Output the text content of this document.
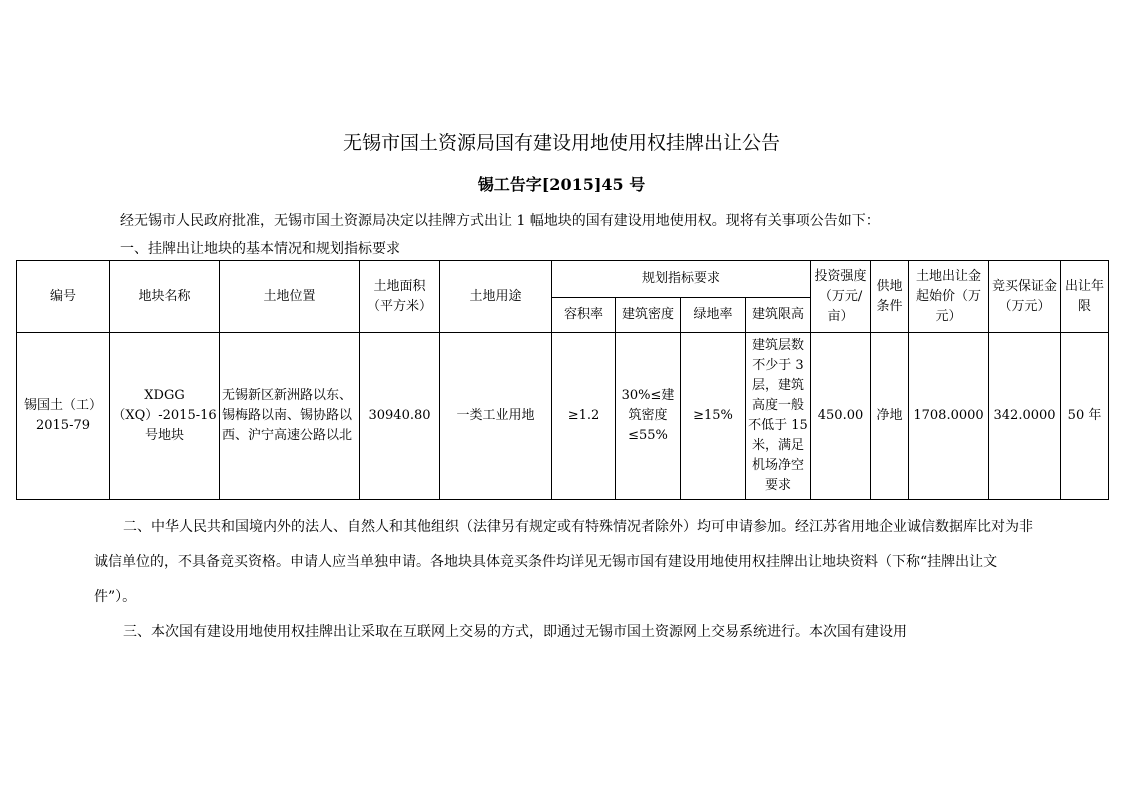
无锡市国土资源局国有建设用地使用权挂牌出让公告
锡工告字[2015]45 号
经无锡市人民政府批准，无锡市国土资源局决定以挂牌方式出让 1 幅地块的国有建设用地使用权。现将有关事项公告如下：
一、挂牌出让地块的基本情况和规划指标要求
编号	地块名称	土地位置	土地面积（平方米）	土地用途	规划指标要求				投资强度（万元/亩）	供地条件	土地出让金起始价（万元）	竞买保证金（万元）	出让年限
					容积率	建筑密度	绿地率	建筑限高					
锡国土（工）2015-79	XDGG（XQ）-2015-16 号地块	无锡新区新洲路以东、锡梅路以南、锡协路以西、沪宁高速公路以北	30940.80	一类工业用地	≥1.2	30%≤建筑密度≤55%	≥15%	建筑层数不少于 3 层，建筑高度一般不低于 15 米，满足机场净空要求	450.00	净地	1708.0000	342.0000	50 年
二、中华人民共和国境内外的法人、自然人和其他组织（法律另有规定或有特殊情况者除外）均可申请参加。经江苏省用地企业诚信数据库比对为非诚信单位的，不具备竞买资格。申请人应当单独申请。各地块具体竞买条件均详见无锡市国有建设用地使用权挂牌出让地块资料（下称“挂牌出让文件”）。
三、本次国有建设用地使用权挂牌出让采取在互联网上交易的方式，即通过无锡市国土资源网上交易系统进行。本次国有建设用
